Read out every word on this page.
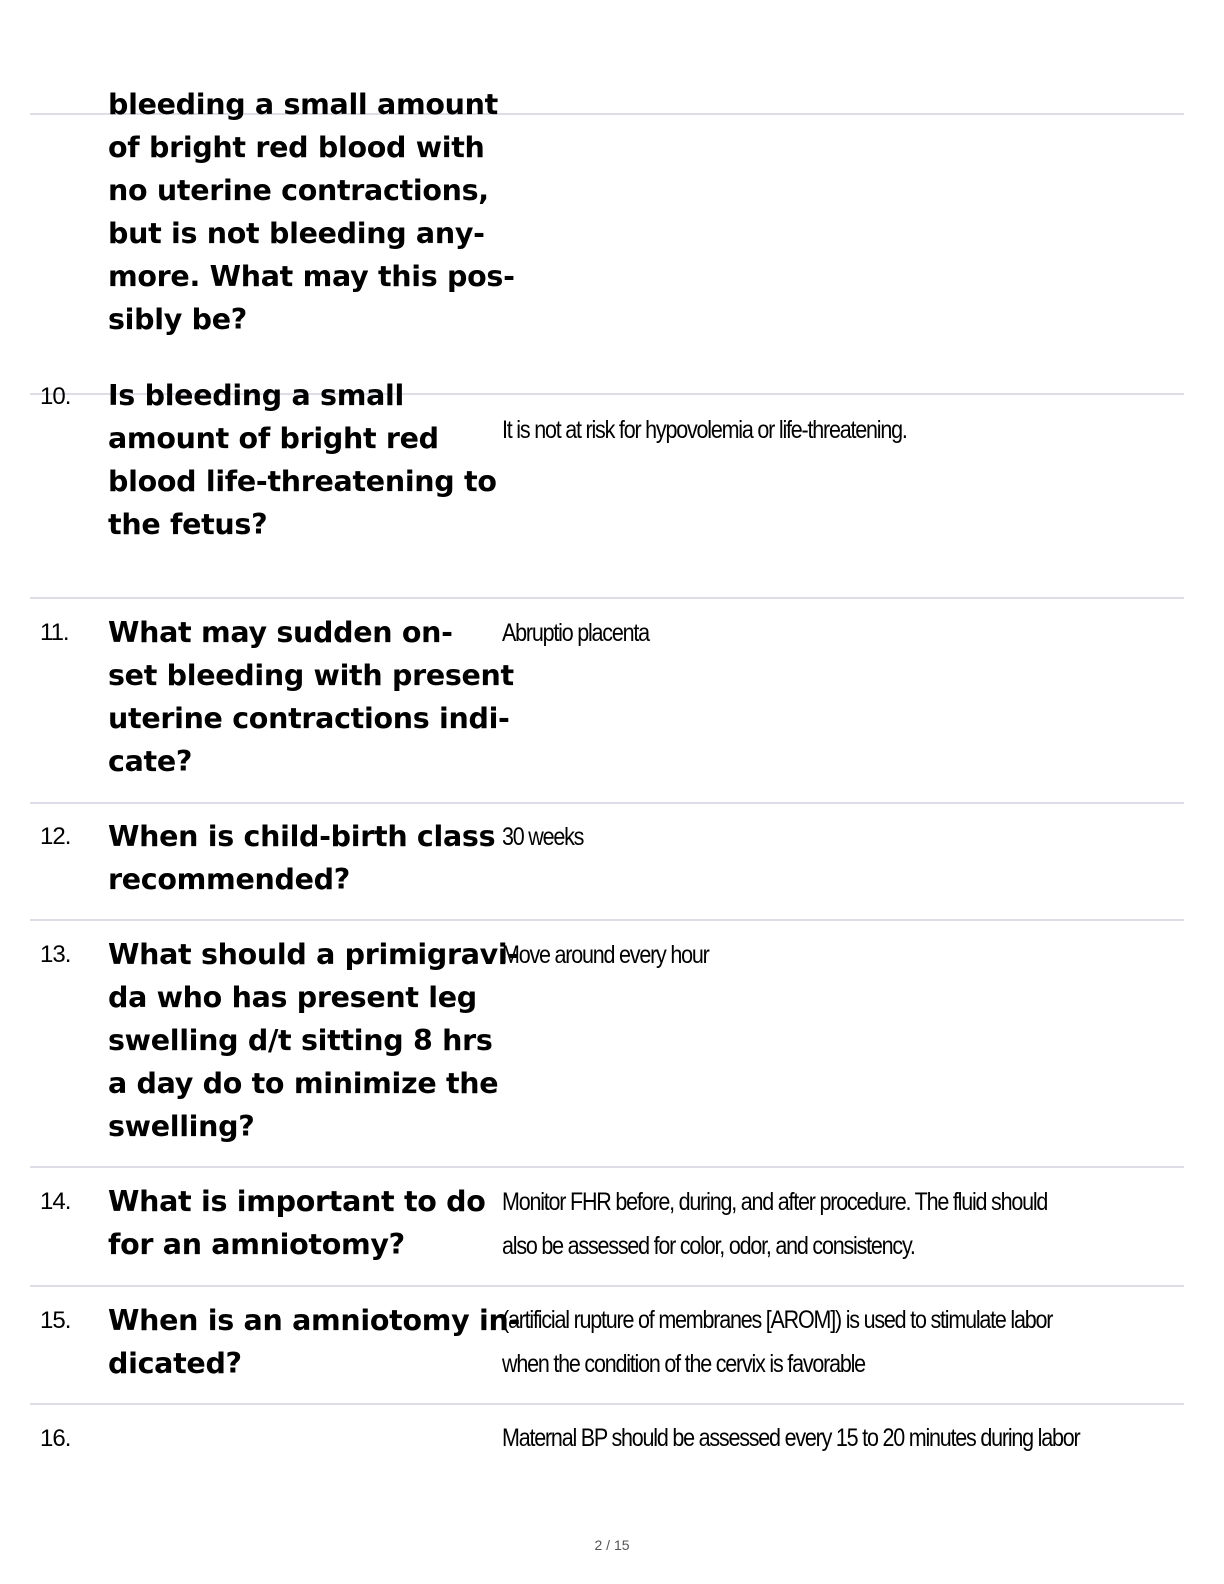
bleeding a small amount
of bright red blood with
no uterine contractions,
but is not bleeding any-
more. What may this pos-
sibly be?
10. Is bleeding a small
amount of bright red
blood life-threatening to
the fetus?
It is not at risk for hypovolemia or life-threatening.
11. What may sudden on-
set bleeding with present
uterine contractions indi-
cate?
Abruptio placenta
12. When is child-birth class
recommended?
30 weeks
13. What should a primigravi-
da who has present leg
swelling d/t sitting 8 hrs
a day do to minimize the
swelling?
Move around every hour
14. What is important to do
for an amniotomy?
Monitor FHR before, during, and after procedure. The fluid should
also be assessed for color, odor, and consistency.
15. When is an amniotomy in-
dicated?
(artificial rupture of membranes [AROM]) is used to stimulate labor
when the condition of the cervix is favorable
16.	Maternal BP should be assessed every 15 to 20 minutes during labor
2 / 15
